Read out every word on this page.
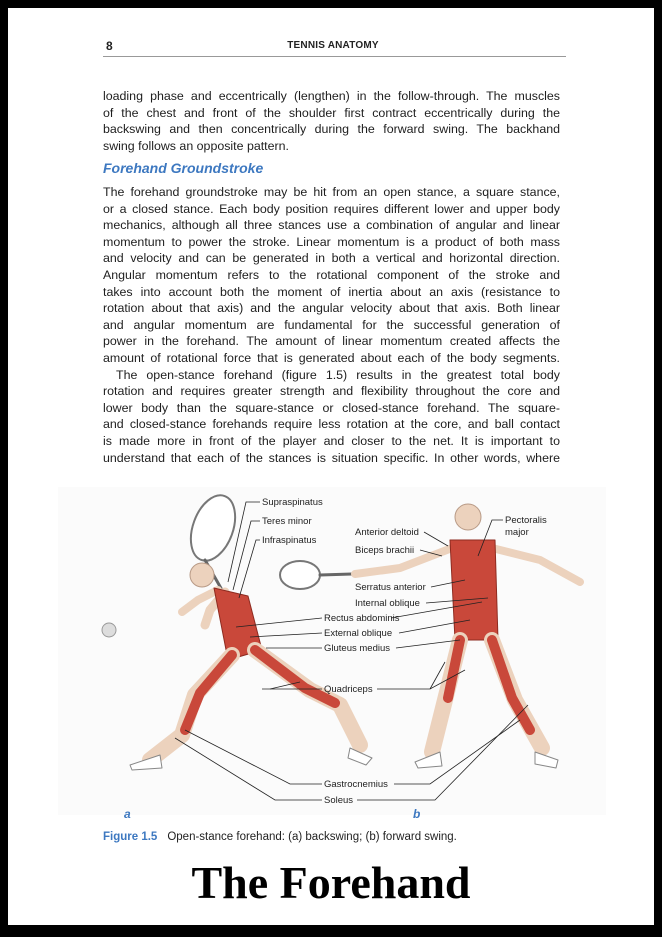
8	TENNIS ANATOMY
loading phase and eccentrically (lengthen) in the follow-through. The muscles
of the chest and front of the shoulder first contract eccentrically during the
backswing and then concentrically during the forward swing. The backhand
swing follows an opposite pattern.
Forehand Groundstroke
The forehand groundstroke may be hit from an open stance, a square stance,
or a closed stance. Each body position requires different lower and upper body
mechanics, although all three stances use a combination of angular and linear
momentum to power the stroke. Linear momentum is a product of both mass
and velocity and can be generated in both a vertical and horizontal direction.
Angular momentum refers to the rotational component of the stroke and
takes into account both the moment of inertia about an axis (resistance to
rotation about that axis) and the angular velocity about that axis. Both linear
and angular momentum are fundamental for the successful generation of
power in the forehand. The amount of linear momentum created affects the
amount of rotational force that is generated about each of the body segments.
The open-stance forehand (figure 1.5) results in the greatest total body
rotation and requires greater strength and flexibility throughout the core and
lower body than the square-stance or closed-stance forehand. The square-
and closed-stance forehands require less rotation at the core, and ball contact
is made more in front of the player and closer to the net. It is important to
understand that each of the stances is situation specific. In other words, where
Supraspinatus
Teres minor
Infraspinatus
Anterior deltoid
Biceps brachii
Pectoralis
major
Serratus anterior
Internal oblique
Rectus abdominis
External oblique
Gluteus medius
Quadriceps
Gastrocnemius
Soleus
a	b
Figure 1.5 Open-stance forehand: (a) backswing; (b) forward swing.
The Forehand
